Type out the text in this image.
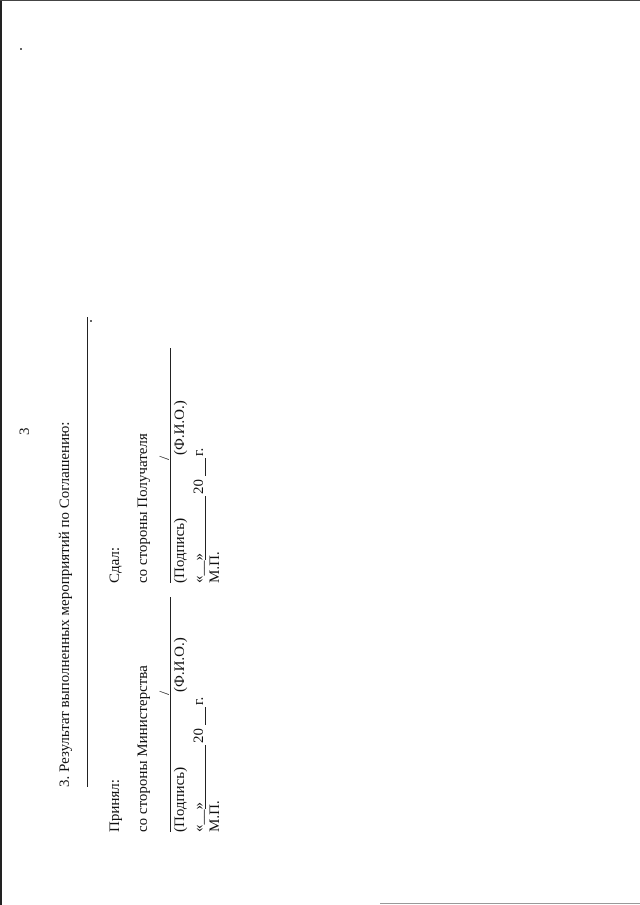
3 3. Результат выполненных мероприятий по Соглашению:
Принял: со стороны Министерства /
(Подпись)
(Ф.И.О.)
«__»
20
г.
М.П.
Сдал: со стороны Получателя /
(Подпись)
(Ф.И.О.)
«__»
20
г.
М.П.
